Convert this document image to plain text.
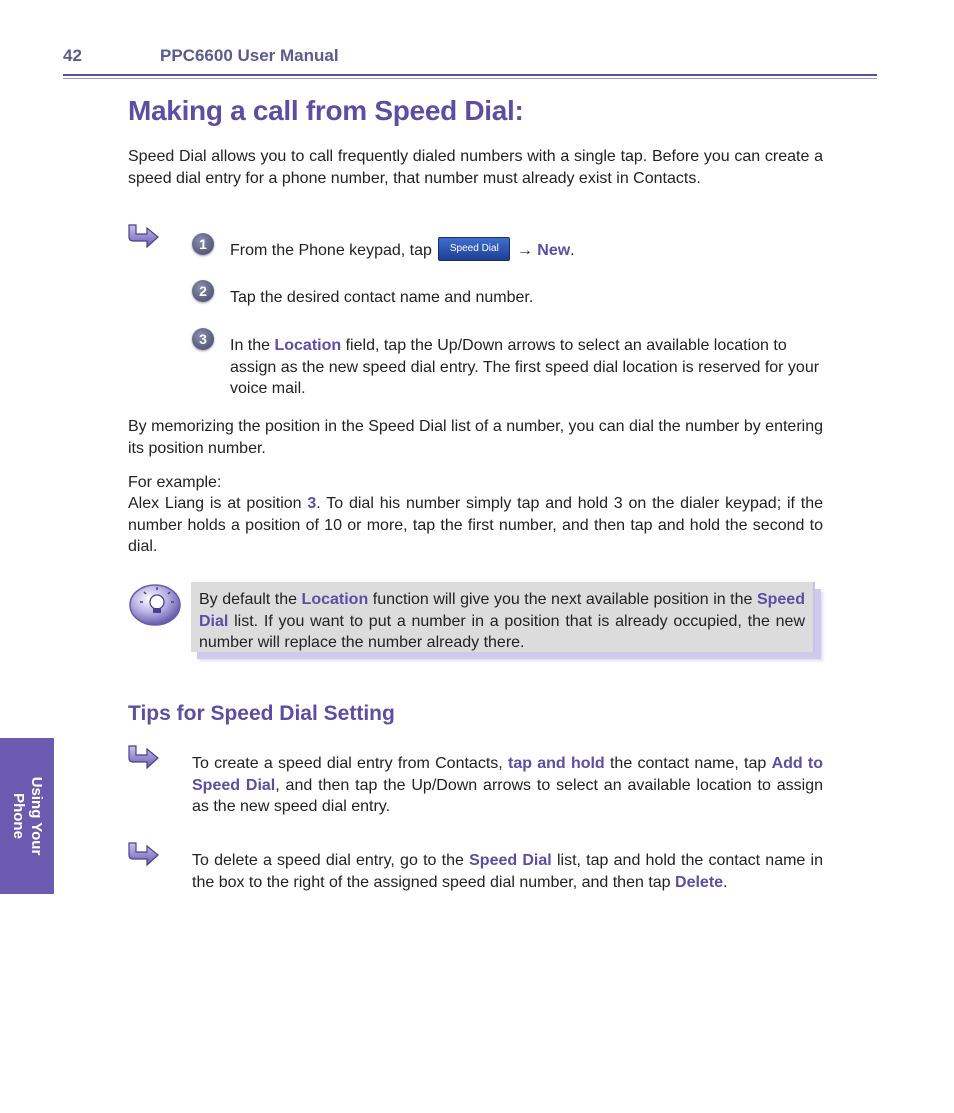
42	PPC6600 User Manual
Making a call from Speed Dial:
Speed Dial allows you to call frequently dialed numbers with a single tap. Before you can create a speed dial entry for a phone number, that number must already exist in Contacts.
1	From the Phone keypad, tap Speed Dial → New.
2	Tap the desired contact name and number.
3	In the Location field, tap the Up/Down arrows to select an available location to assign as the new speed dial entry. The first speed dial location is reserved for your voice mail.
By memorizing the position in the Speed Dial list of a number, you can dial the number by entering its position number.
For example:
Alex Liang is at position 3. To dial his number simply tap and hold 3 on the dialer keypad; if the number holds a position of 10 or more, tap the first number, and then tap and hold the second to dial.
By default the Location function will give you the next available position in the Speed Dial list. If you want to put a number in a position that is already occupied, the new number will replace the number already there.
Tips for Speed Dial Setting
To create a speed dial entry from Contacts, tap and hold the contact name, tap Add to Speed Dial, and then tap the Up/Down arrows to select an available location to assign as the new speed dial entry.
To delete a speed dial entry, go to the Speed Dial list, tap and hold the contact name in the box to the right of the assigned speed dial number, and then tap Delete.
Using Your
Phone
